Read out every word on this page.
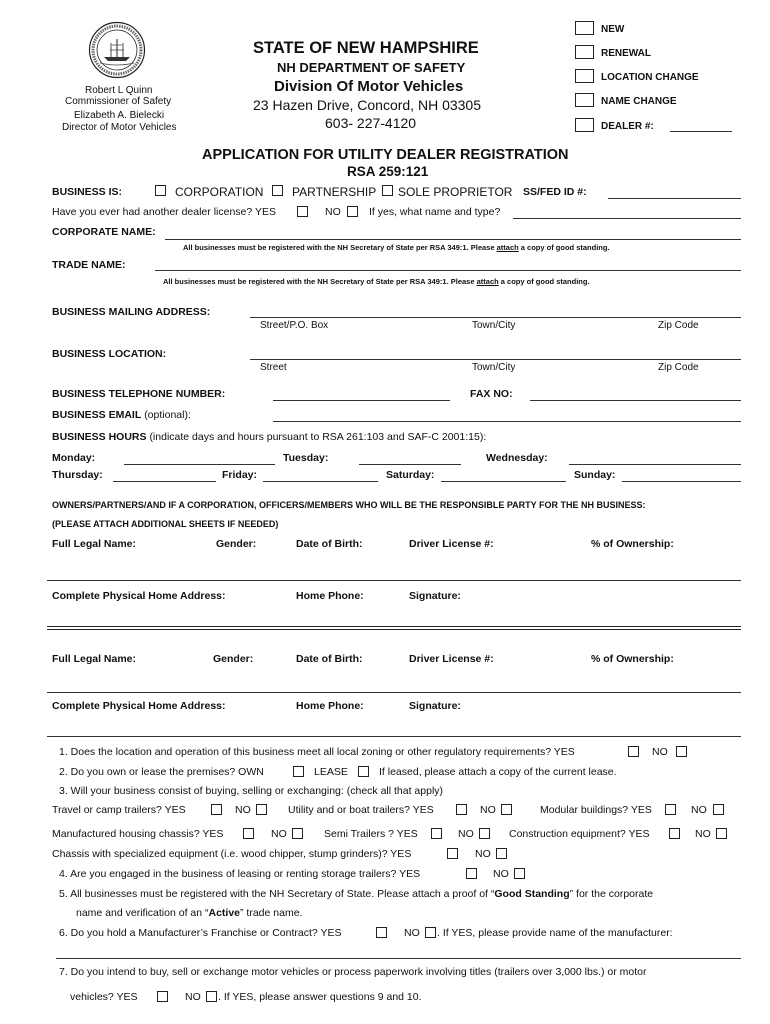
Robert L Quinn
Commissioner of Safety
Elizabeth A. Bielecki
Director of Motor Vehicles
STATE OF NEW HAMPSHIRE
NH DEPARTMENT OF SAFETY
Division Of Motor Vehicles
23 Hazen Drive, Concord, NH 03305
603- 227-4120
NEW
RENEWAL
LOCATION CHANGE
NAME CHANGE
DEALER #:
APPLICATION FOR UTILITY DEALER REGISTRATION
RSA 259:121
BUSINESS IS:	CORPORATION PARTNERSHIP SOLE PROPRIETOR SS/FED ID #:
Have you ever had another dealer license? YES	NO	If yes, what name and type?
CORPORATE NAME:
All businesses must be registered with the NH Secretary of State per RSA 349:1. Please attach a copy of good standing.
TRADE NAME:
All businesses must be registered with the NH Secretary of State per RSA 349:1. Please attach a copy of good standing.
BUSINESS MAILING ADDRESS:
Street/P.O. Box	Town/City	Zip Code
BUSINESS LOCATION:
Street	Town/City	Zip Code
BUSINESS TELEPHONE NUMBER:	FAX NO:
BUSINESS EMAIL (optional):
BUSINESS HOURS (indicate days and hours pursuant to RSA 261:103 and SAF-C 2001:15):
Monday:	Tuesday:	Wednesday:
Thursday:	Friday:	Saturday:	Sunday:
OWNERS/PARTNERS/AND IF A CORPORATION, OFFICERS/MEMBERS WHO WILL BE THE RESPONSIBLE PARTY FOR THE NH BUSINESS:
(PLEASE ATTACH ADDITIONAL SHEETS IF NEEDED)
Full Legal Name:	Gender:	Date of Birth:	Driver License #:	% of Ownership:
Complete Physical Home Address:	Home Phone:	Signature:
Full Legal Name:	Gender:	Date of Birth:	Driver License #:	% of Ownership:
Complete Physical Home Address:	Home Phone:	Signature:
1. Does the location and operation of this business meet all local zoning or other regulatory requirements? YES	NO
2. Do you own or lease the premises? OWN	LEASE	If leased, please attach a copy of the current lease.
3. Will your business consist of buying, selling or exchanging: (check all that apply)
Travel or camp trailers? YES	NO	Utility and or boat trailers? YES	NO	Modular buildings? YES	NO
Manufactured housing chassis? YES	NO	Semi Trailers ? YES	NO	Construction equipment? YES	NO
Chassis with specialized equipment (i.e. wood chipper, stump grinders)? YES	NO
4. Are you engaged in the business of leasing or renting storage trailers? YES	NO
5. All businesses must be registered with the NH Secretary of State. Please attach a proof of “Good Standing” for the corporate
name and verification of an “Active” trade name.
6. Do you hold a Manufacturer’s Franchise or Contract? YES	NO . If YES, please provide name of the manufacturer:
7. Do you intend to buy, sell or exchange motor vehicles or process paperwork involving titles (trailers over 3,000 lbs.) or motor
vehicles? YES	NO . If YES, please answer questions 9 and 10.
